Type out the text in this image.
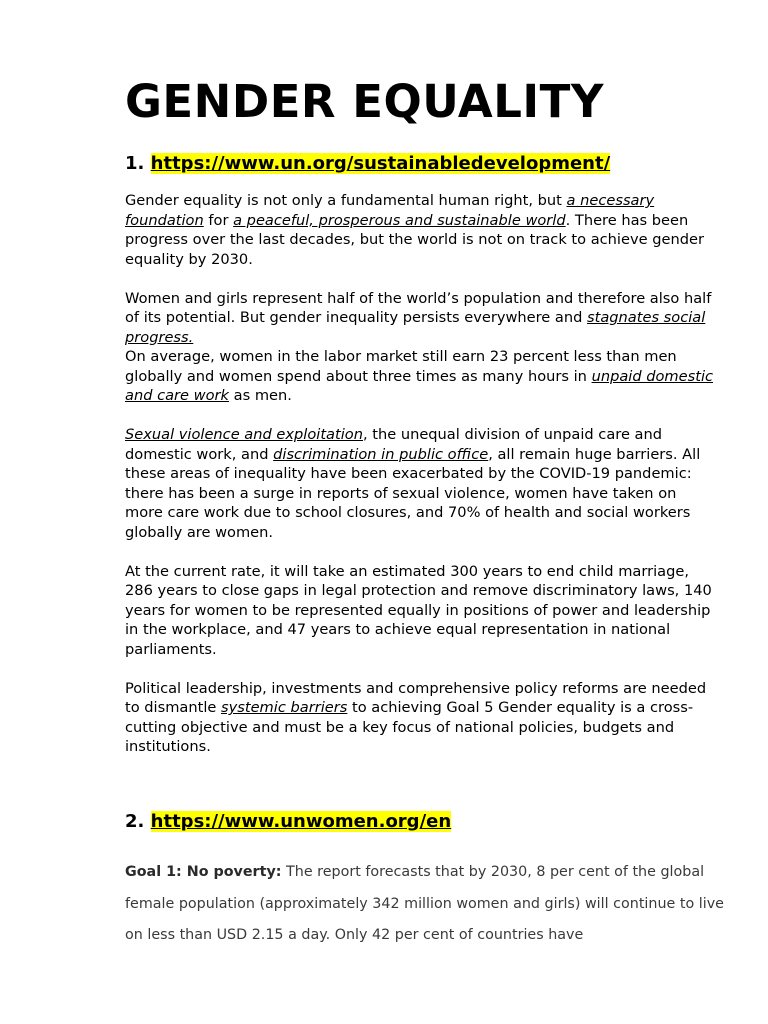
GENDER EQUALITY
1. https://www.un.org/sustainabledevelopment/

Gender equality is not only a fundamental human right, but a necessary foundation for a peaceful, prosperous and sustainable world. There has been progress over the last decades, but the world is not on track to achieve gender equality by 2030.

Women and girls represent half of the world’s population and therefore also half of its potential. But gender inequality persists everywhere and stagnates social progress.

On average, women in the labor market still earn 23 percent less than men globally and women spend about three times as many hours in unpaid domestic and care work as men.

Sexual violence and exploitation, the unequal division of unpaid care and domestic work, and discrimination in public office, all remain huge barriers. All these areas of inequality have been exacerbated by the COVID-19 pandemic: there has been a surge in reports of sexual violence, women have taken on more care work due to school closures, and 70% of health and social workers globally are women.

At the current rate, it will take an estimated 300 years to end child marriage, 286 years to close gaps in legal protection and remove discriminatory laws, 140 years for women to be represented equally in positions of power and leadership in the workplace, and 47 years to achieve equal representation in national parliaments.

Political leadership, investments and comprehensive policy reforms are needed to dismantle systemic barriers to achieving Goal 5 Gender equality is a cross-cutting objective and must be a key focus of national policies, budgets and institutions.

2. https://www.unwomen.org/en

Goal 1: No poverty: The report forecasts that by 2030, 8 per cent of the global female population (approximately 342 million women and girls) will continue to live on less than USD 2.15 a day. Only 42 per cent of countries have
